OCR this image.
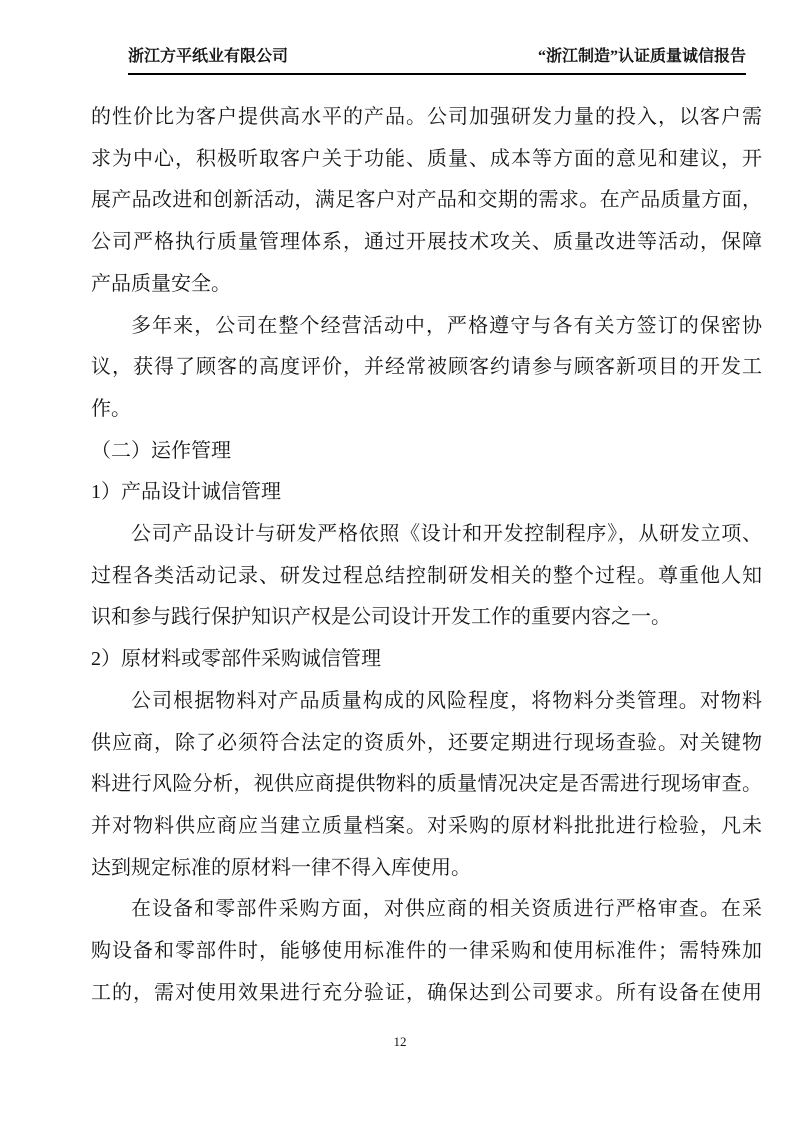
浙江方平纸业有限公司	“浙江制造”认证质量诚信报告
的性价比为客户提供高水平的产品。公司加强研发力量的投入，以客户需
求为中心，积极听取客户关于功能、质量、成本等方面的意见和建议，开
展产品改进和创新活动，满足客户对产品和交期的需求。在产品质量方面，
公司严格执行质量管理体系，通过开展技术攻关、质量改进等活动，保障
产品质量安全。
多年来，公司在整个经营活动中，严格遵守与各有关方签订的保密协
议，获得了顾客的高度评价，并经常被顾客约请参与顾客新项目的开发工
作。
（二）运作管理
1）产品设计诚信管理
公司产品设计与研发严格依照《设计和开发控制程序》，从研发立项、
过程各类活动记录、研发过程总结控制研发相关的整个过程。尊重他人知
识和参与践行保护知识产权是公司设计开发工作的重要内容之一。
2）原材料或零部件采购诚信管理
公司根据物料对产品质量构成的风险程度，将物料分类管理。对物料
供应商，除了必须符合法定的资质外，还要定期进行现场查验。对关键物
料进行风险分析，视供应商提供物料的质量情况决定是否需进行现场审查。
并对物料供应商应当建立质量档案。对采购的原材料批批进行检验，凡未
达到规定标准的原材料一律不得入库使用。
在设备和零部件采购方面，对供应商的相关资质进行严格审查。在采
购设备和零部件时，能够使用标准件的一律采购和使用标准件；需特殊加
工的，需对使用效果进行充分验证，确保达到公司要求。所有设备在使用
12
